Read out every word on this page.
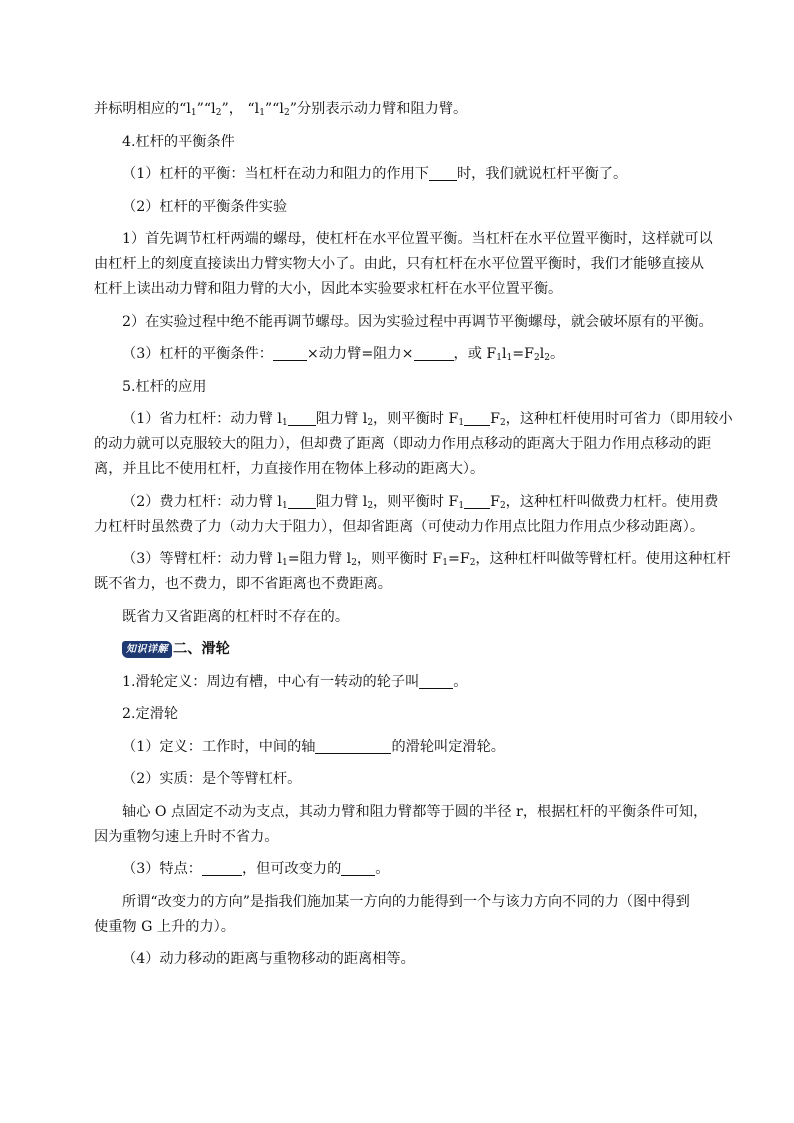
并标明相应的“$l_1”“l_2$”， “$l_1”“l_2$”分别表示动力臂和阻力臂。
4.杠杆的平衡条件
（1）杠杆的平衡：当杠杆在动力和阻力的作用下 时，我们就说杠杆平衡了。
（2）杠杆的平衡条件实验
1）首先调节杠杆两端的螺母，使杠杆在水平位置平衡。当杠杆在水平位置平衡时，这样就可以
由杠杆上的刻度直接读出力臂实物大小了。由此，只有杠杆在水平位置平衡时，我们才能够直接从
杠杆上读出动力臂和阻力臂的大小，因此本实验要求杠杆在水平位置平衡。
2）在实验过程中绝不能再调节螺母。因为实验过程中再调节平衡螺母，就会破坏原有的平衡。
（3）杠杆的平衡条件： ×动力臂=阻力×	，或 $F_1l_1=F_2l_2$。
5.杠杆的应用
（1）省力杠杆：动力臂 $l_1$ 阻力臂 $l_2$，则平衡时 $F_1$ $F_2$，这种杠杆使用时可省力（即用较小
的动力就可以克服较大的阻力），但却费了距离（即动力作用点移动的距离大于阻力作用点移动的距
离，并且比不使用杠杆，力直接作用在物体上移动的距离大）。
（2）费力杠杆：动力臂 $l_1$ 阻力臂 $l_2$，则平衡时 $F_1$ $F_2$，这种杠杆叫做费力杠杆。使用费
力杠杆时虽然费了力（动力大于阻力），但却省距离（可使动力作用点比阻力作用点少移动距离）。
（3）等臂杠杆：动力臂 $l_1=$阻力臂 $l_2$，则平衡时 $F_1=F_2$，这种杠杆叫做等臂杠杆。使用这种杠杆
既不省力，也不费力，即不省距离也不费距离。
既省力又省距离的杠杆时不存在的。
知识详解 二、滑轮
1.滑轮定义：周边有槽，中心有一转动的轮子叫 。
2.定滑轮
（1）定义：工作时，中间的轴	的滑轮叫定滑轮。
（2）实质：是个等臂杠杆。
轴心 O 点固定不动为支点，其动力臂和阻力臂都等于圆的半径 r，根据杠杆的平衡条件可知，
因为重物匀速上升时不省力。
（3）特点：	，但可改变力的 。
所谓“改变力的方向”是指我们施加某一方向的力能得到一个与该力方向不同的力（图中得到
使重物 G 上升的力）。
（4）动力移动的距离与重物移动的距离相等。
